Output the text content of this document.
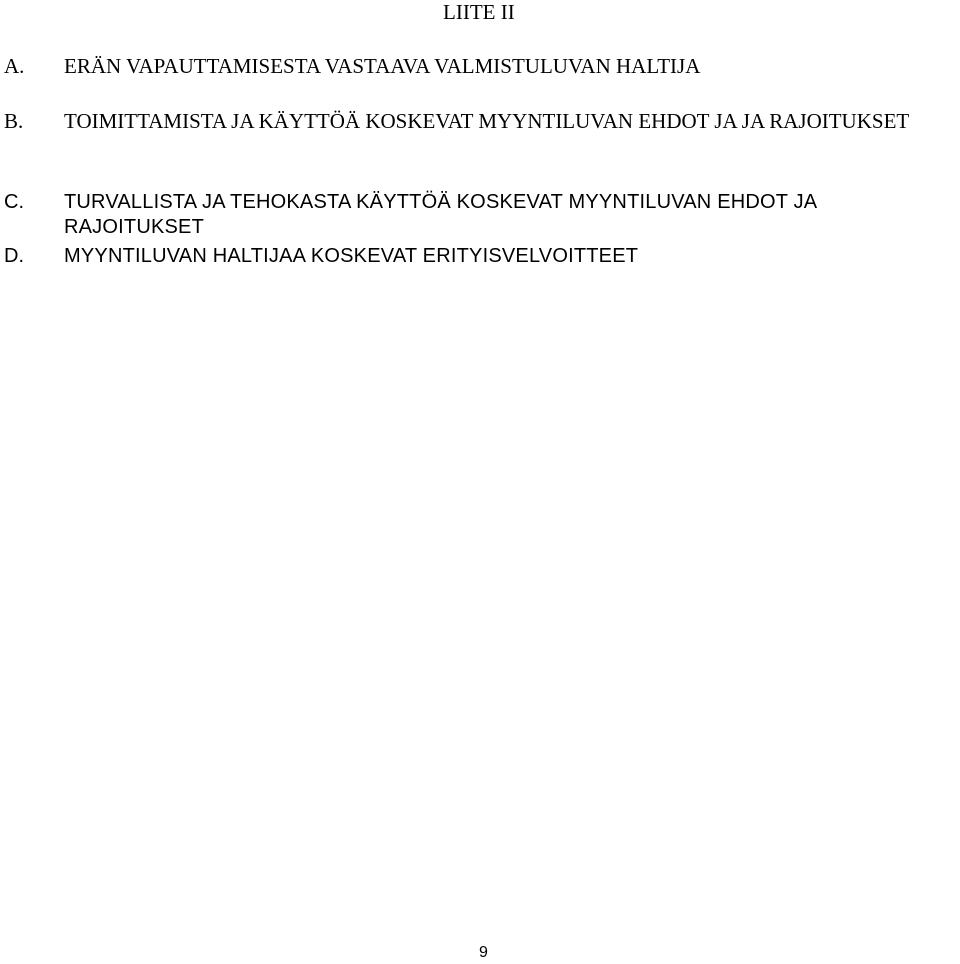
LIITE II
A. ERÄN VAPAUTTAMISESTA VASTAAVA VALMISTULUVAN HALTIJA
B. TOIMITTAMISTA JA KÄYTTÖÄ KOSKEVAT MYYNTILUVAN EHDOT JA JA RAJOITUKSET
C. TURVALLISTA JA TEHOKASTA KÄYTTÖÄ KOSKEVAT MYYNTILUVAN EHDOT JA RAJOITUKSET
D. MYYNTILUVAN HALTIJAA KOSKEVAT ERITYISVELVOITTEET
9
